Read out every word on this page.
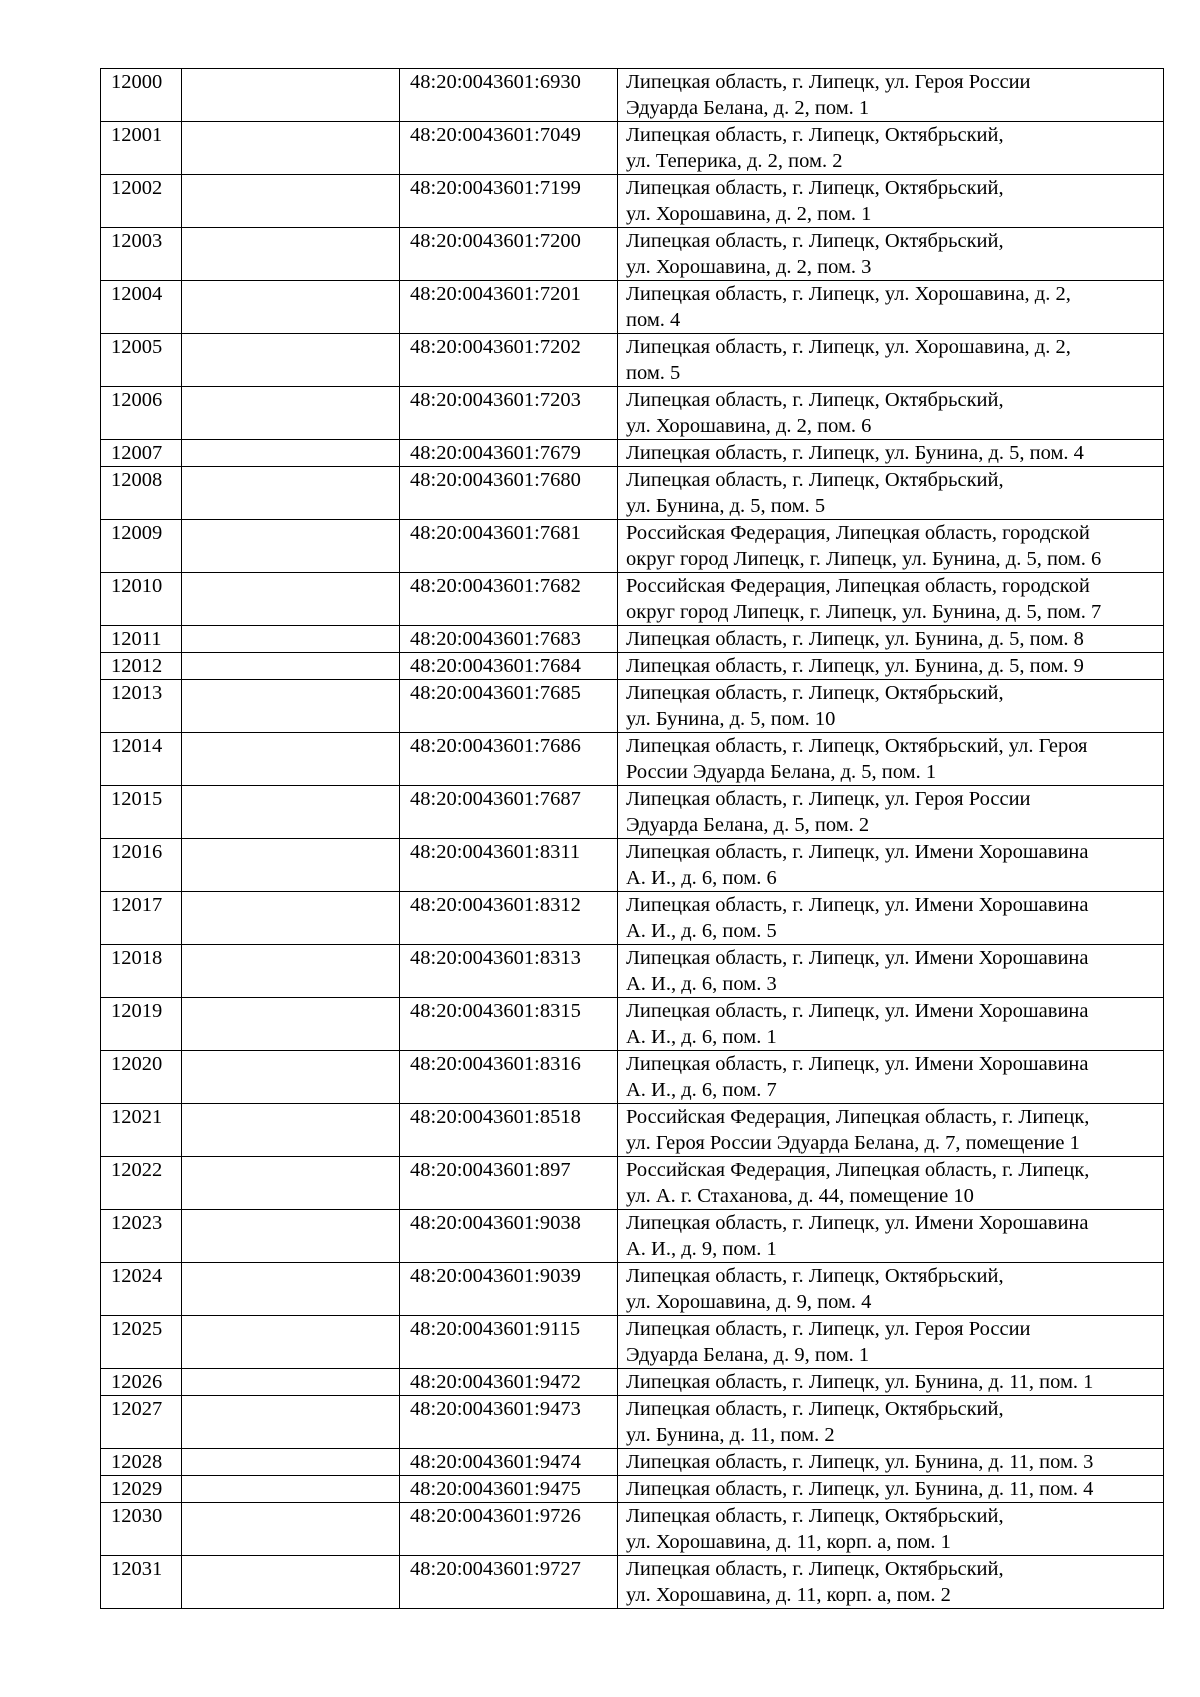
12000		48:20:0043601:6930	Липецкая область, г. Липецк, ул. Героя России
Эдуарда Белана, д. 2, пом. 1

12001		48:20:0043601:7049	Липецкая область, г. Липецк, Октябрьский,
ул. Теперика, д. 2, пом. 2

12002		48:20:0043601:7199	Липецкая область, г. Липецк, Октябрьский,
ул. Хорошавина, д. 2, пом. 1

12003		48:20:0043601:7200	Липецкая область, г. Липецк, Октябрьский,
ул. Хорошавина, д. 2, пом. 3

12004		48:20:0043601:7201	Липецкая область, г. Липецк, ул. Хорошавина, д. 2,
пом. 4

12005		48:20:0043601:7202	Липецкая область, г. Липецк, ул. Хорошавина, д. 2,
пом. 5

12006		48:20:0043601:7203	Липецкая область, г. Липецк, Октябрьский,
ул. Хорошавина, д. 2, пом. 6

12007		48:20:0043601:7679	Липецкая область, г. Липецк, ул. Бунина, д. 5, пом. 4

12008		48:20:0043601:7680	Липецкая область, г. Липецк, Октябрьский,
ул. Бунина, д. 5, пом. 5

12009		48:20:0043601:7681	Российская Федерация, Липецкая область, городской
округ город Липецк, г. Липецк, ул. Бунина, д. 5, пом. 6

12010		48:20:0043601:7682	Российская Федерация, Липецкая область, городской
округ город Липецк, г. Липецк, ул. Бунина, д. 5, пом. 7

12011		48:20:0043601:7683	Липецкая область, г. Липецк, ул. Бунина, д. 5, пом. 8

12012		48:20:0043601:7684	Липецкая область, г. Липецк, ул. Бунина, д. 5, пом. 9

12013		48:20:0043601:7685	Липецкая область, г. Липецк, Октябрьский,
ул. Бунина, д. 5, пом. 10

12014		48:20:0043601:7686	Липецкая область, г. Липецк, Октябрьский, ул. Героя
России Эдуарда Белана, д. 5, пом. 1

12015		48:20:0043601:7687	Липецкая область, г. Липецк, ул. Героя России
Эдуарда Белана, д. 5, пом. 2

12016		48:20:0043601:8311	Липецкая область, г. Липецк, ул. Имени Хорошавина
А. И., д. 6, пом. 6

12017		48:20:0043601:8312	Липецкая область, г. Липецк, ул. Имени Хорошавина
А. И., д. 6, пом. 5

12018		48:20:0043601:8313	Липецкая область, г. Липецк, ул. Имени Хорошавина
А. И., д. 6, пом. 3

12019		48:20:0043601:8315	Липецкая область, г. Липецк, ул. Имени Хорошавина
А. И., д. 6, пом. 1

12020		48:20:0043601:8316	Липецкая область, г. Липецк, ул. Имени Хорошавина
А. И., д. 6, пом. 7

12021		48:20:0043601:8518	Российская Федерация, Липецкая область, г. Липецк,
ул. Героя России Эдуарда Белана, д. 7, помещение 1

12022		48:20:0043601:897	Российская Федерация, Липецкая область, г. Липецк,
ул. А. г. Стаханова, д. 44, помещение 10

12023		48:20:0043601:9038	Липецкая область, г. Липецк, ул. Имени Хорошавина
А. И., д. 9, пом. 1

12024		48:20:0043601:9039	Липецкая область, г. Липецк, Октябрьский,
ул. Хорошавина, д. 9, пом. 4

12025		48:20:0043601:9115	Липецкая область, г. Липецк, ул. Героя России
Эдуарда Белана, д. 9, пом. 1

12026		48:20:0043601:9472	Липецкая область, г. Липецк, ул. Бунина, д. 11, пом. 1

12027		48:20:0043601:9473	Липецкая область, г. Липецк, Октябрьский,
ул. Бунина, д. 11, пом. 2

12028		48:20:0043601:9474	Липецкая область, г. Липецк, ул. Бунина, д. 11, пом. 3

12029		48:20:0043601:9475	Липецкая область, г. Липецк, ул. Бунина, д. 11, пом. 4

12030		48:20:0043601:9726	Липецкая область, г. Липецк, Октябрьский,
ул. Хорошавина, д. 11, корп. а, пом. 1

12031		48:20:0043601:9727	Липецкая область, г. Липецк, Октябрьский,
ул. Хорошавина, д. 11, корп. а, пом. 2
